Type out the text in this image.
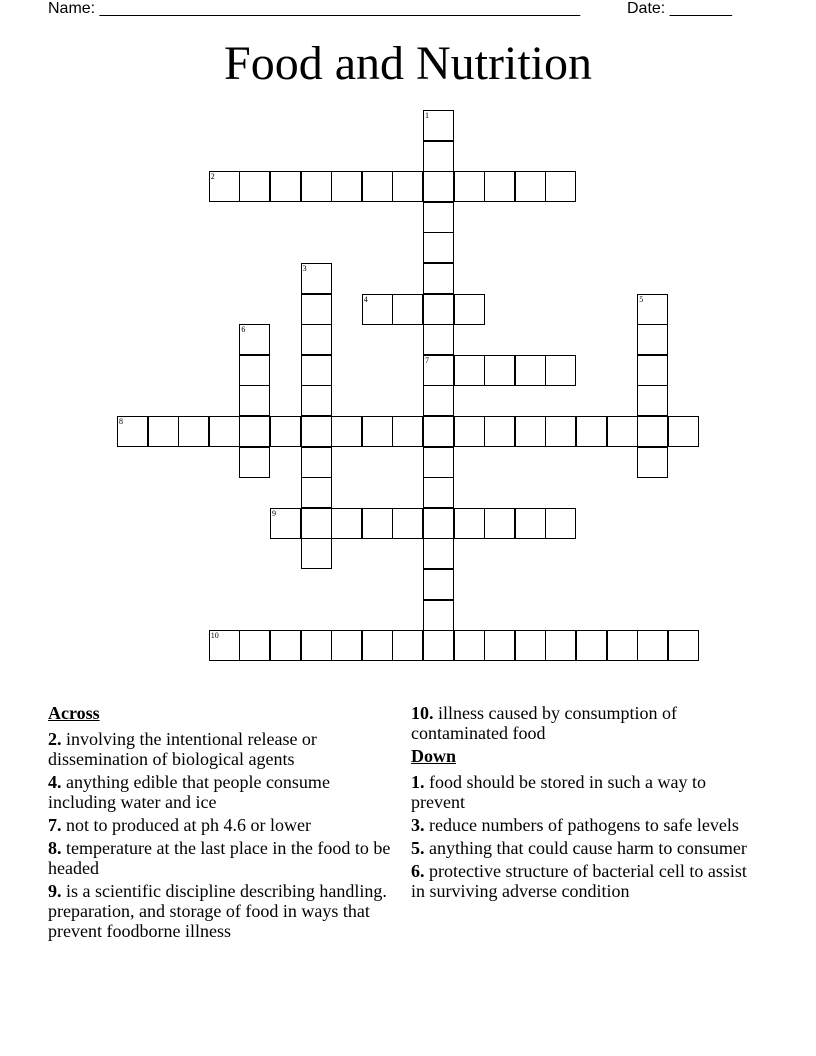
Name: ______________________________________________________	Date: _______
Food and Nutrition
1
7
2
3
4	5
6
8
9
10
Across
2. involving the intentional release or dissemination of biological agents
4. anything edible that people consume including water and ice
7. not to produced at ph 4.6 or lower
8. temperature at the last place in the food to be headed
9. is a scientific discipline describing handling. preparation, and storage of food in ways that prevent foodborne illness
10. illness caused by consumption of contaminated food
Down
1. food should be stored in such a way to prevent
3. reduce numbers of pathogens to safe levels
5. anything that could cause harm to consumer
6. protective structure of bacterial cell to assist in surviving adverse condition
